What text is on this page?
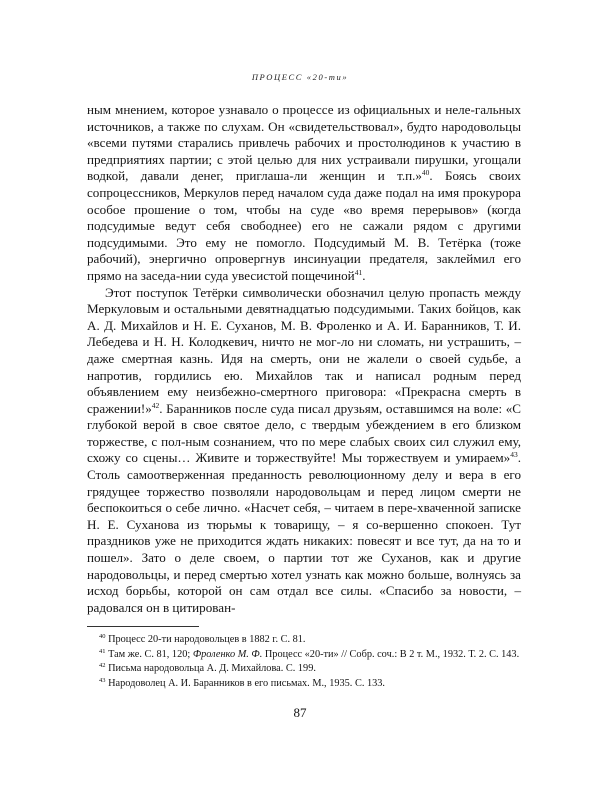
ПРОЦЕСС «20-ти»

ным мнением, которое узнавало о процессе из официальных и неле-гальных источников, а также по слухам. Он «свидетельствовал», будто народовольцы «всеми путями старались привлечь рабочих и простолюдинов к участию в предприятиях партии; с этой целью для них устраивали пирушки, угощали водкой, давали денег, приглаша-ли женщин и т.п.»$^{40}$. Боясь своих сопроцессников, Меркулов перед началом суда даже подал на имя прокурора особое прошение о том, чтобы на суде «во время перерывов» (когда подсудимые ведут себя свободнее) его не сажали рядом с другими подсудимыми. Это ему не помогло. Подсудимый М. В. Тетёрка (тоже рабочий), энергично опровергнув инсинуации предателя, заклеймил его прямо на заседа-нии суда увесистой пощечиной$^{41}$.

Этот поступок Тетёрки символически обозначил целую пропасть между Меркуловым и остальными девятнадцатью подсудимыми. Таких бойцов, как А. Д. Михайлов и Н. Е. Суханов, М. В. Фроленко и А. И. Баранников, Т. И. Лебедева и Н. Н. Колодкевич, ничто не мог-ло ни сломать, ни устрашить, – даже смертная казнь. Идя на смерть, они не жалели о своей судьбе, а напротив, гордились ею. Михайлов так и написал родным перед объявлением ему неизбежно-смертного приговора: «Прекрасна смерть в сражении!»$^{42}$. Баранников после суда писал друзьям, оставшимся на воле: «С глубокой верой в свое святое дело, с твердым убеждением в его близком торжестве, с пол-ным сознанием, что по мере слабых своих сил служил ему, схожу со сцены… Живите и торжествуйте! Мы торжествуем и умираем»$^{43}$. Столь самоотверженная преданность революционному делу и вера в его грядущее торжество позволяли народовольцам и перед лицом смерти не беспокоиться о себе лично. «Насчет себя, – читаем в пере-хваченной записке Н. Е. Суханова из тюрьмы к товарищу, – я со-вершенно спокоен. Тут праздников уже не приходится ждать никаких: повесят и все тут, да на то и пошел». Зато о деле своем, о партии тот же Суханов, как и другие народовольцы, и перед смертью хотел узнать как можно больше, волнуясь за исход борьбы, которой он сам отдал все силы. «Спасибо за новости, – радовался он в цитирован-

$^{40}$ Процесс 20-ти народовольцев в 1882 г. С. 81.

$^{41}$ Там же. С. 81, 120; Фроленко М. Ф. Процесс «20-ти» // Собр. соч.: В 2 т. М., 1932. Т. 2. С. 143.

$^{42}$ Письма народовольца А. Д. Михайлова. С. 199.

$^{43}$ Народоволец А. И. Баранников в его письмах. М., 1935. С. 133.

87
